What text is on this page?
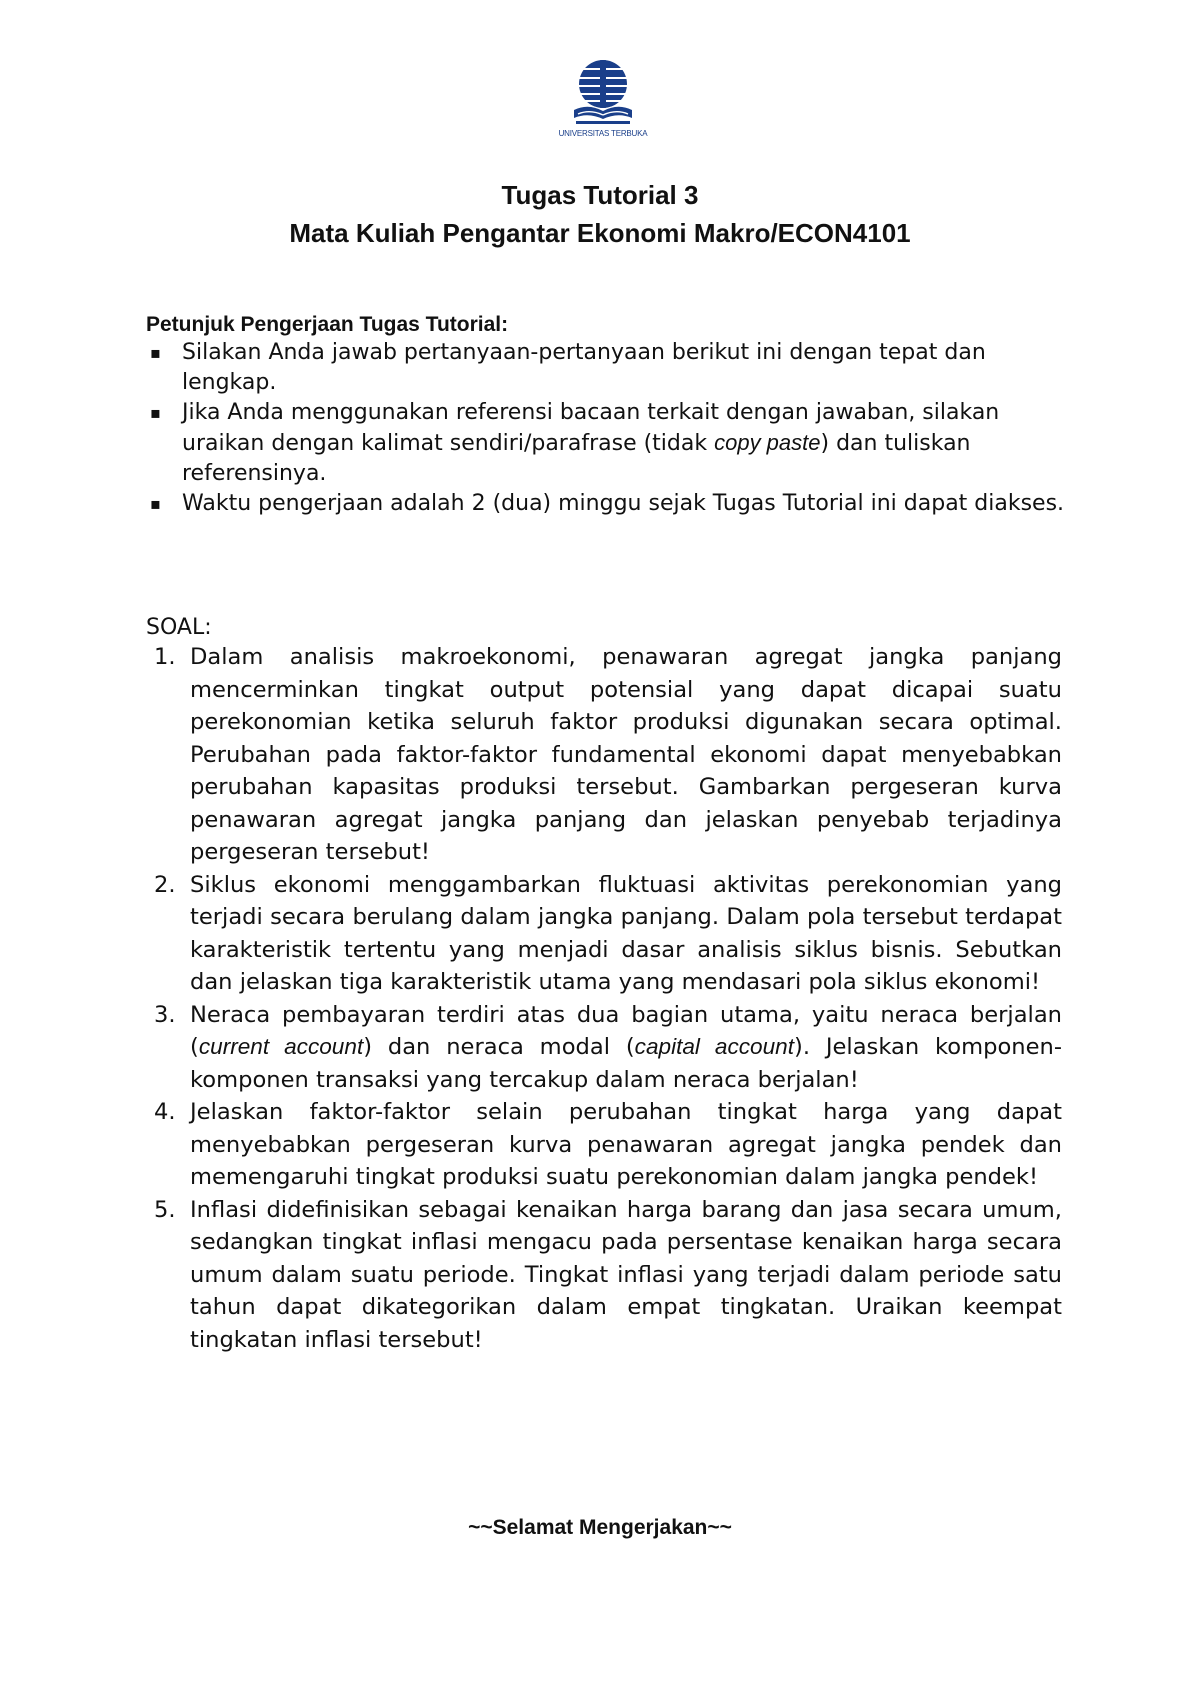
UNIVERSITAS TERBUKA
Tugas Tutorial 3
Mata Kuliah Pengantar Ekonomi Makro/ECON4101

Petunjuk Pengerjaan Tugas Tutorial:

▪ Silakan Anda jawab pertanyaan-pertanyaan berikut ini dengan tepat dan lengkap.
▪ Jika Anda menggunakan referensi bacaan terkait dengan jawaban, silakan uraikan dengan kalimat sendiri/parafrase (tidak copy paste) dan tuliskan referensinya.
▪ Waktu pengerjaan adalah 2 (dua) minggu sejak Tugas Tutorial ini dapat diakses.

SOAL:

1. Dalam analisis makroekonomi, penawaran agregat jangka panjang mencerminkan tingkat output potensial yang dapat dicapai suatu perekonomian ketika seluruh faktor produksi digunakan secara optimal. Perubahan pada faktor-faktor fundamental ekonomi dapat menyebabkan perubahan kapasitas produksi tersebut. Gambarkan pergeseran kurva penawaran agregat jangka panjang dan jelaskan penyebab terjadinya pergeseran tersebut!
2. Siklus ekonomi menggambarkan fluktuasi aktivitas perekonomian yang terjadi secara berulang dalam jangka panjang. Dalam pola tersebut terdapat karakteristik tertentu yang menjadi dasar analisis siklus bisnis. Sebutkan dan jelaskan tiga karakteristik utama yang mendasari pola siklus ekonomi!
3. Neraca pembayaran terdiri atas dua bagian utama, yaitu neraca berjalan (current account) dan neraca modal (capital account). Jelaskan komponen-komponen transaksi yang tercakup dalam neraca berjalan!
4. Jelaskan faktor-faktor selain perubahan tingkat harga yang dapat menyebabkan pergeseran kurva penawaran agregat jangka pendek dan memengaruhi tingkat produksi suatu perekonomian dalam jangka pendek!
5. Inflasi didefinisikan sebagai kenaikan harga barang dan jasa secara umum, sedangkan tingkat inflasi mengacu pada persentase kenaikan harga secara umum dalam suatu periode. Tingkat inflasi yang terjadi dalam periode satu tahun dapat dikategorikan dalam empat tingkatan. Uraikan keempat tingkatan inflasi tersebut!

~~Selamat Mengerjakan~~
